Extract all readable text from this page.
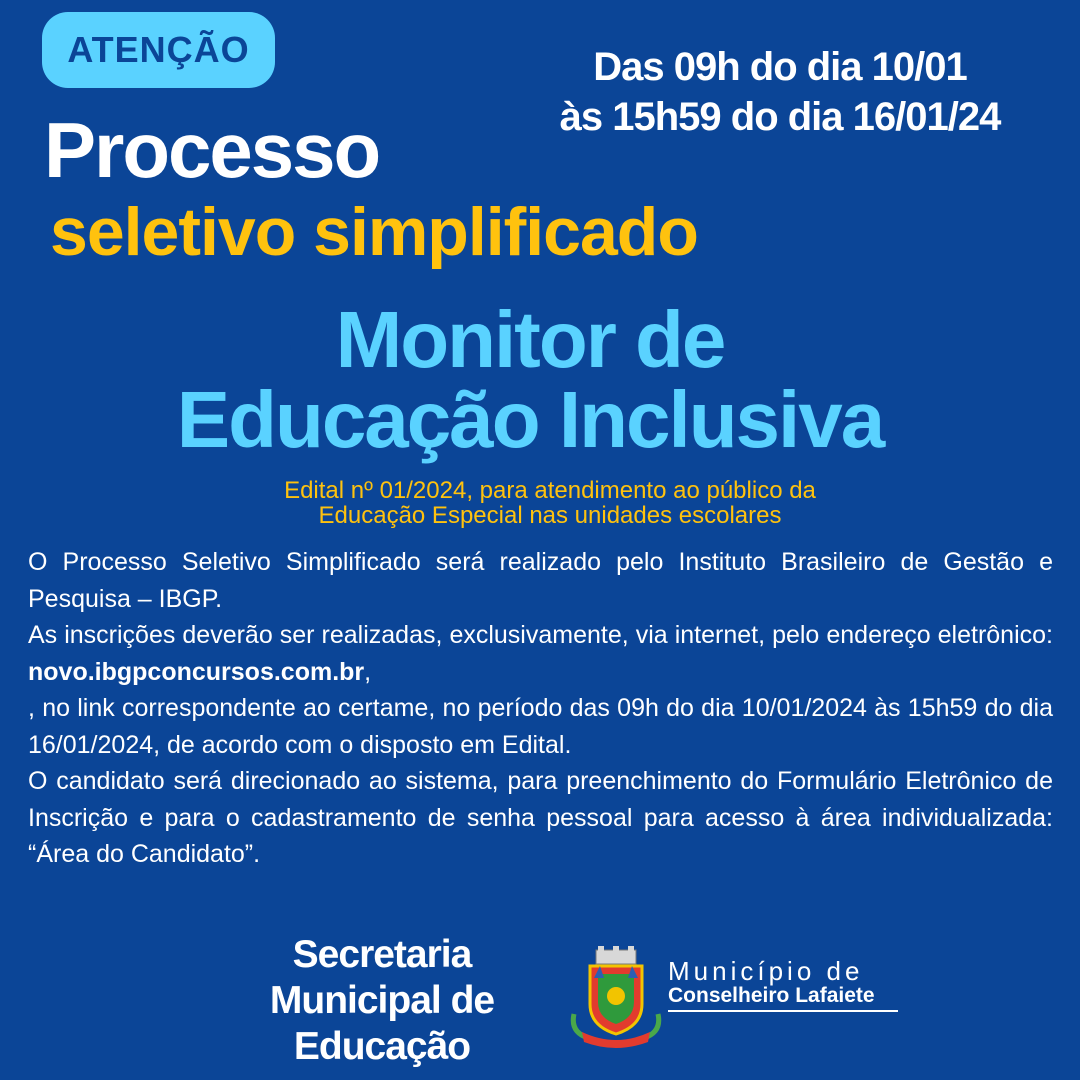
ATENÇÃO	Das 09h do dia 10/01
às 15h59 do dia 16/01/24
Processo
seletivo simplificado
Monitor de
Educação Inclusiva
Edital nº 01/2024, para atendimento ao público da
Educação Especial nas unidades escolares

O Processo Seletivo Simplificado será realizado pelo Instituto Brasileiro de Gestão e Pesquisa – IBGP.

As inscrições deverão ser realizadas, exclusivamente, via internet, pelo endereço eletrônico: novo.ibgpconcursos.com.br,

, no link correspondente ao certame, no período das 09h do dia 10/01/2024 às 15h59 do dia 16/01/2024, de acordo com o disposto em Edital.

O candidato será direcionado ao sistema, para preenchimento do Formulário Eletrônico de Inscrição e para o cadastramento de senha pessoal para acesso à área individualizada: “Área do Candidato”.

Secretaria
Municipal de
Educação
Município de
Conselheiro Lafaiete
